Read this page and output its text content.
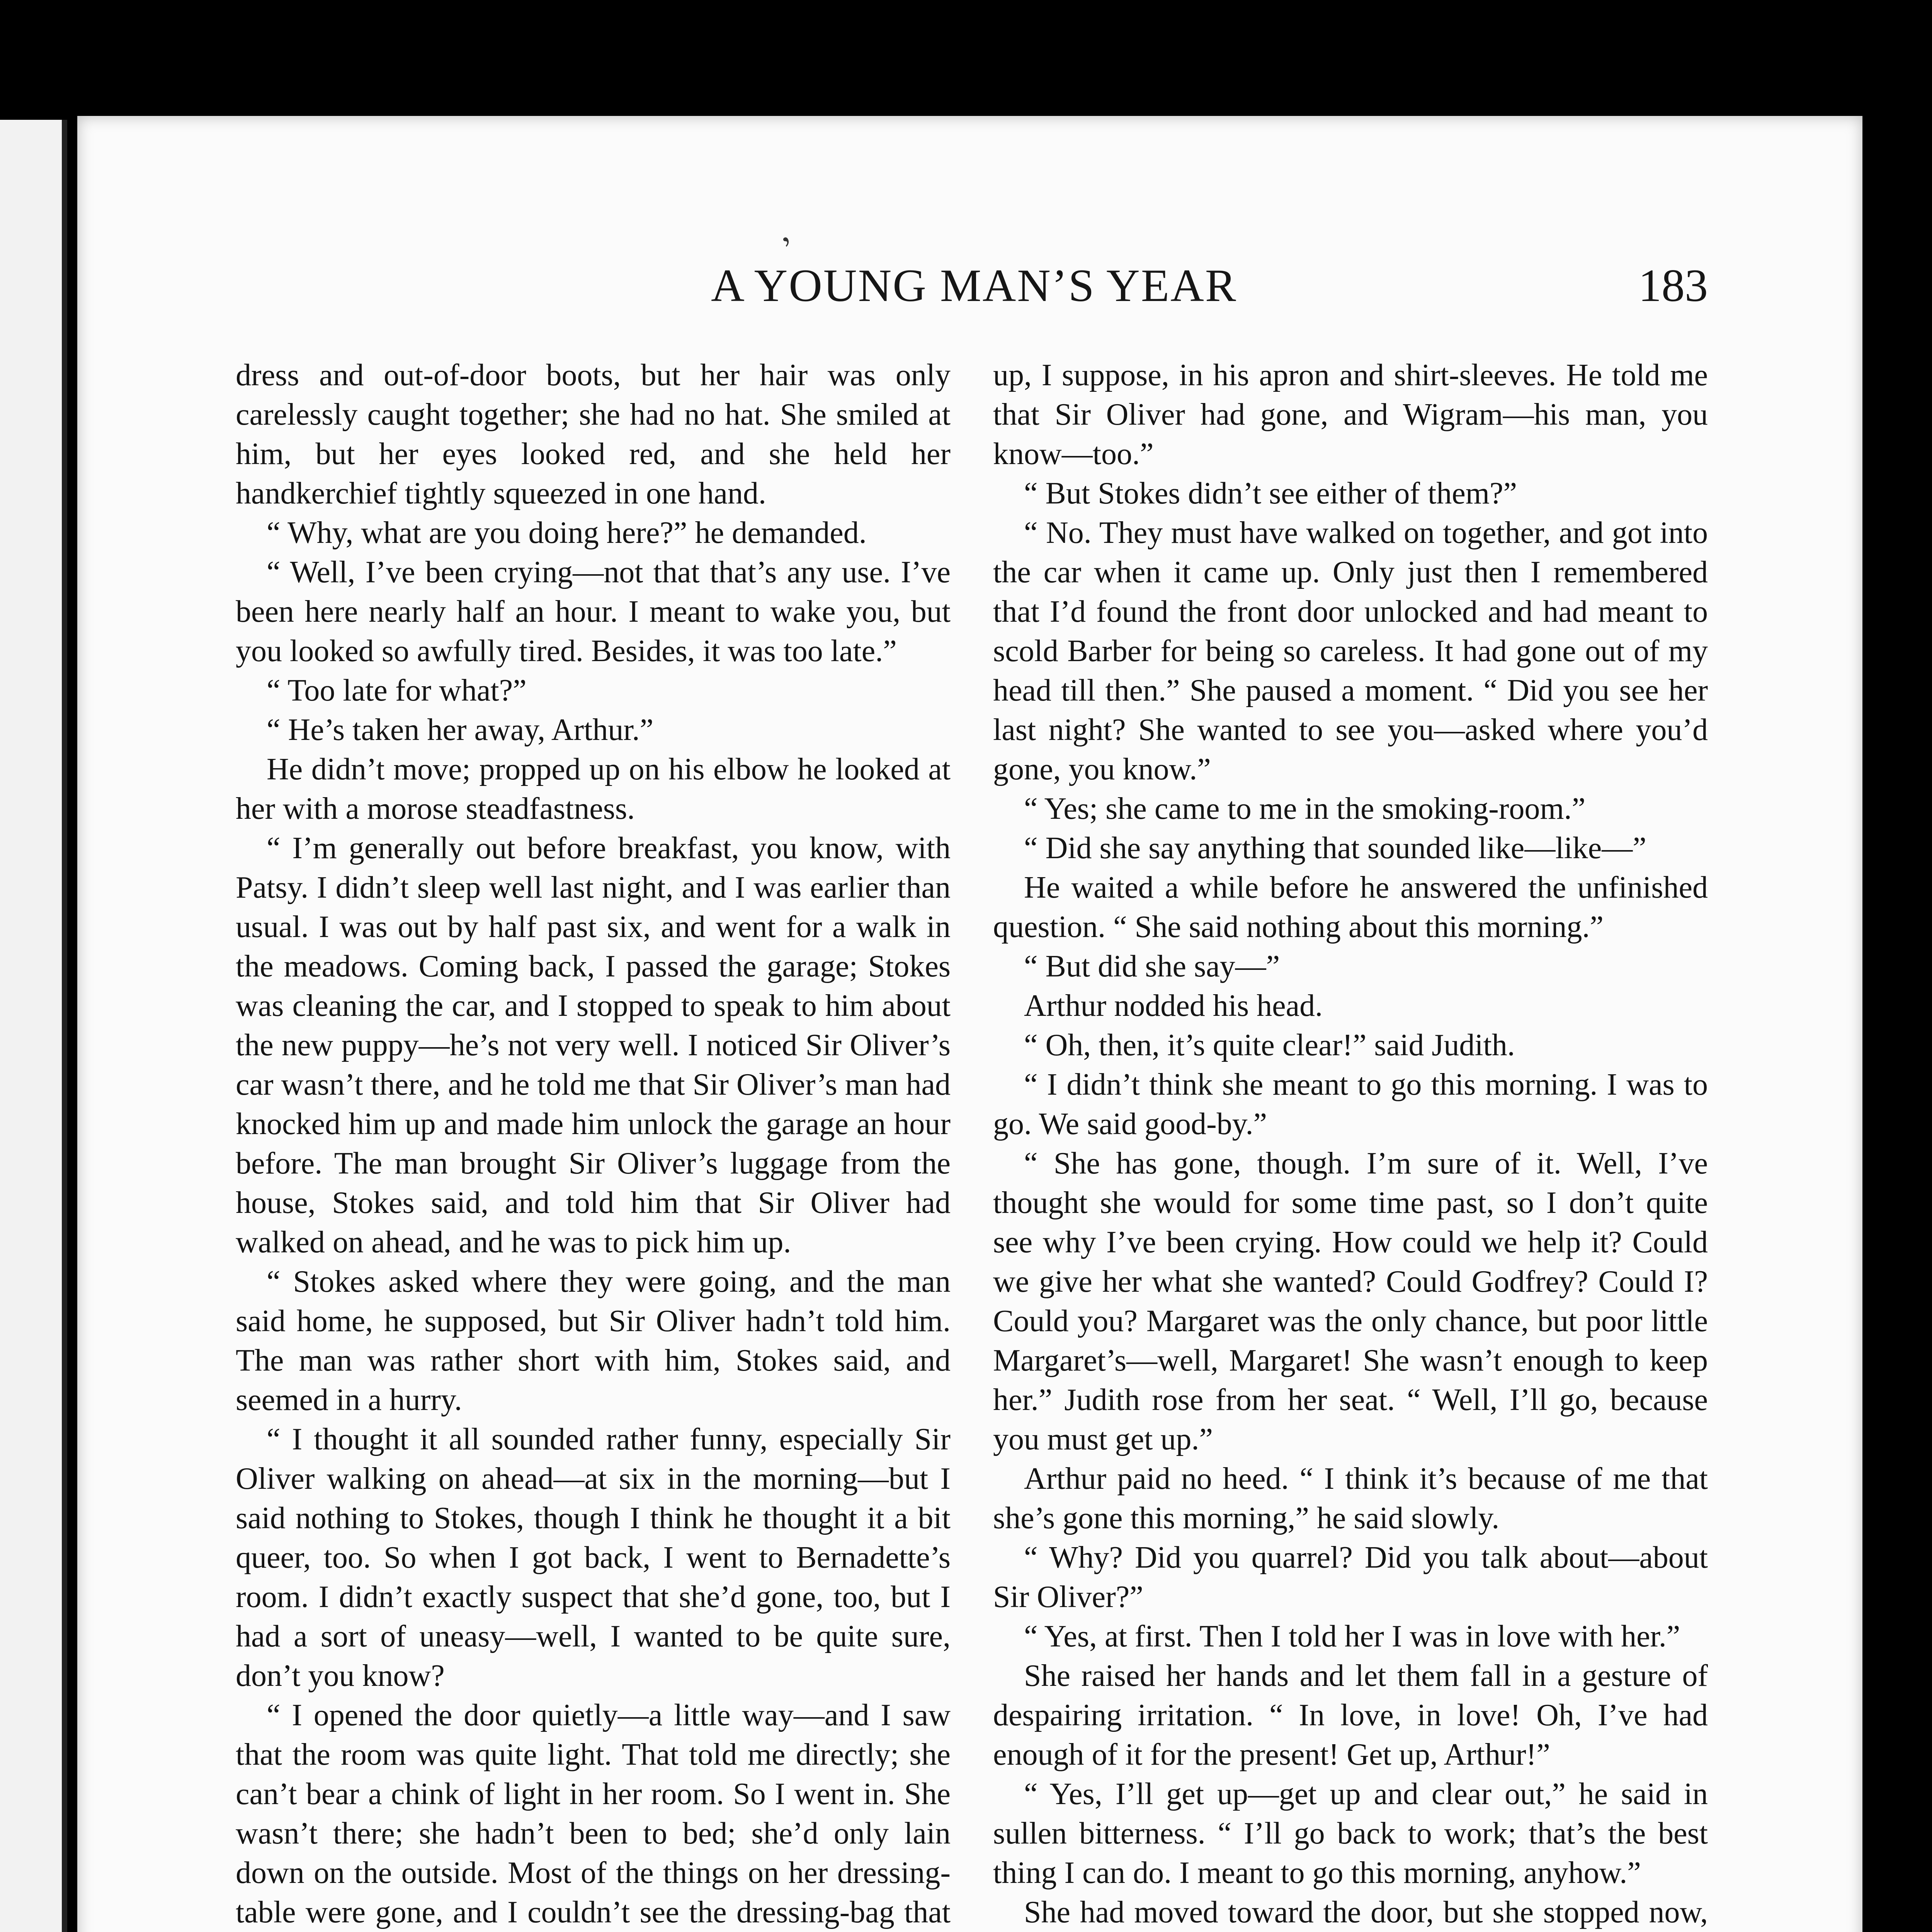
ʼ
A YOUNG MAN’S YEAR	183

dress and out-of-door boots, but her hair was only carelessly caught together; she had no hat. She smiled at him, but her eyes looked red, and she held her handkerchief tightly squeezed in one hand.

“ Why, what are you doing here?” he demanded.

“ Well, I’ve been crying—not that that’s any use. I’ve been here nearly half an hour. I meant to wake you, but you looked so awfully tired. Besides, it was too late.”

“ Too late for what?”

“ He’s taken her away, Arthur.”

He didn’t move; propped up on his elbow he looked at her with a morose steadfastness.

“ I’m generally out before breakfast, you know, with Patsy. I didn’t sleep well last night, and I was earlier than usual. I was out by half past six, and went for a walk in the meadows. Coming back, I passed the garage; Stokes was cleaning the car, and I stopped to speak to him about the new puppy—he’s not very well. I noticed Sir Oliver’s car wasn’t there, and he told me that Sir Oliver’s man had knocked him up and made him unlock the garage an hour before. The man brought Sir Oliver’s luggage from the house, Stokes said, and told him that Sir Oliver had walked on ahead, and he was to pick him up.

“ Stokes asked where they were going, and the man said home, he supposed, but Sir Oliver hadn’t told him. The man was rather short with him, Stokes said, and seemed in a hurry.

“ I thought it all sounded rather funny, especially Sir Oliver walking on ahead—at six in the morning—but I said nothing to Stokes, though I think he thought it a bit queer, too. So when I got back, I went to Bernadette’s room. I didn’t exactly suspect that she’d gone, too, but I had a sort of uneasy—well, I wanted to be quite sure, don’t you know?

“ I opened the door quietly—a little way—and I saw that the room was quite light. That told me directly; she can’t bear a chink of light in her room. So I went in. She wasn’t there; she hadn’t been to bed; she’d only lain down on the outside. Most of the things on her dressing-table were gone, and I couldn’t see the dressing-bag that

up, I suppose, in his apron and shirt-sleeves. He told me that Sir Oliver had gone, and Wigram—his man, you know—too.”

“ But Stokes didn’t see either of them?”

“ No. They must have walked on together, and got into the car when it came up. Only just then I remembered that I’d found the front door unlocked and had meant to scold Barber for being so careless. It had gone out of my head till then.” She paused a moment. “ Did you see her last night? She wanted to see you—asked where you’d gone, you know.”

“ Yes; she came to me in the smoking-room.”

“ Did she say anything that sounded like—like—”

He waited a while before he answered the unfinished question. “ She said nothing about this morning.”

“ But did she say—”

Arthur nodded his head.

“ Oh, then, it’s quite clear!” said Judith.

“ I didn’t think she meant to go this morning. I was to go. We said good-by.”

“ She has gone, though. I’m sure of it. Well, I’ve thought she would for some time past, so I don’t quite see why I’ve been crying. How could we help it? Could we give her what she wanted? Could Godfrey? Could I? Could you? Margaret was the only chance, but poor little Margaret’s—well, Margaret! She wasn’t enough to keep her.” Judith rose from her seat. “ Well, I’ll go, because you must get up.”

Arthur paid no heed. “ I think it’s because of me that she’s gone this morning,” he said slowly.

“ Why? Did you quarrel? Did you talk about—about Sir Oliver?”

“ Yes, at first. Then I told her I was in love with her.”

She raised her hands and let them fall in a gesture of despairing irritation. “ In love, in love! Oh, I’ve had enough of it for the present! Get up, Arthur!”

“ Yes, I’ll get up—get up and clear out,” he said in sullen bitterness. “ I’ll go back to work; that’s the best thing I can do. I meant to go this morning, anyhow.”

She had moved toward the door, but she stopped now,
